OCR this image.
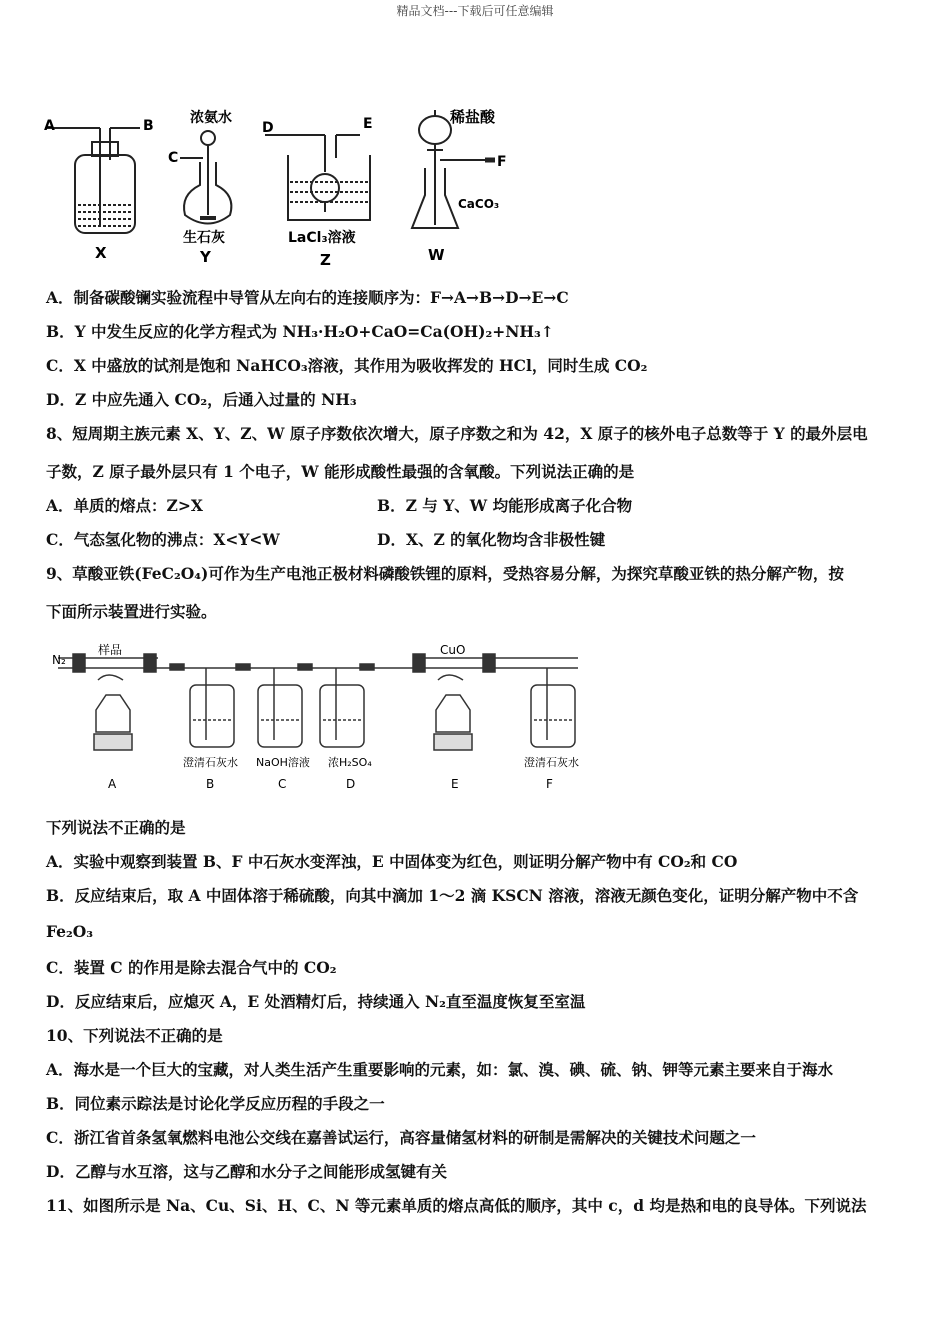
精品文档---下载后可任意编辑
A	B
X
浓氨水
C
生石灰
Y
D	E
LaCl₃溶液
Z
稀盐酸
F
CaCO₃
W
A．制备碳酸镧实验流程中导管从左向右的连接顺序为：F→A→B→D→E→C
B．Y 中发生反应的化学方程式为 NH₃·H₂O+CaO=Ca(OH)₂+NH₃↑
C．X 中盛放的试剂是饱和 NaHCO₃溶液，其作用为吸收挥发的 HCl，同时生成 CO₂
D．Z 中应先通入 CO₂，后通入过量的 NH₃
8、短周期主族元素 X、Y、Z、W 原子序数依次增大，原子序数之和为 42，X 原子的核外电子总数等于 Y 的最外层电
子数，Z 原子最外层只有 1 个电子，W 能形成酸性最强的含氧酸。下列说法正确的是
A．单质的熔点：Z>X	B．Z 与 Y、W 均能形成离子化合物
C．气态氢化物的沸点：X<Y<W	D．X、Z 的氧化物均含非极性键
9、草酸亚铁(FeC₂O₄)可作为生产电池正极材料磷酸铁锂的原料，受热容易分解，为探究草酸亚铁的热分解产物，按
下面所示装置进行实验。
N₂
样品	CuO
澄清石灰水 NaOH溶液 浓H₂SO₄	澄清石灰水
A	B	C	D	E	F
下列说法不正确的是
A．实验中观察到装置 B、F 中石灰水变浑浊，E 中固体变为红色，则证明分解产物中有 CO₂和 CO
B．反应结束后，取 A 中固体溶于稀硫酸，向其中滴加 1～2 滴 KSCN 溶液，溶液无颜色变化，证明分解产物中不含
Fe₂O₃
C．装置 C 的作用是除去混合气中的 CO₂
D．反应结束后，应熄灭 A，E 处酒精灯后，持续通入 N₂直至温度恢复至室温
10、下列说法不正确的是
A．海水是一个巨大的宝藏，对人类生活产生重要影响的元素，如：氯、溴、碘、硫、钠、钾等元素主要来自于海水
B．同位素示踪法是讨论化学反应历程的手段之一
C．浙江省首条氢氧燃料电池公交线在嘉善试运行，高容量储氢材料的研制是需解决的关键技术问题之一
D．乙醇与水互溶，这与乙醇和水分子之间能形成氢键有关
11、如图所示是 Na、Cu、Si、H、C、N 等元素单质的熔点高低的顺序，其中 c，d 均是热和电的良导体。下列说法
